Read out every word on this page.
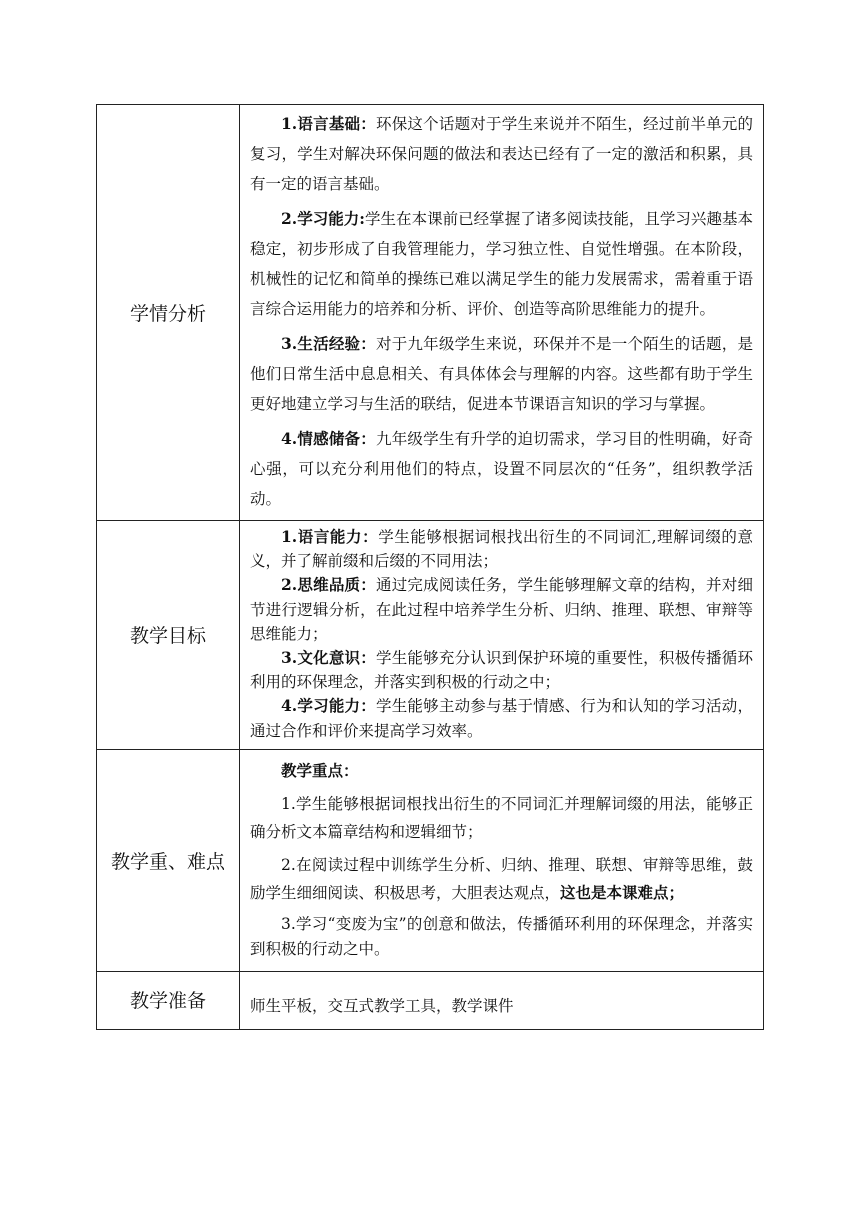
学情分析	1.语言基础：环保这个话题对于学生来说并不陌生，经过前半单元的复习，学生对解决环保问题的做法和表达已经有了一定的激活和积累，具有一定的语言基础。

2.学习能力:学生在本课前已经掌握了诸多阅读技能，且学习兴趣基本稳定，初步形成了自我管理能力，学习独立性、自觉性增强。在本阶段，机械性的记忆和简单的操练已难以满足学生的能力发展需求，需着重于语言综合运用能力的培养和分析、评价、创造等高阶思维能力的提升。

3.生活经验：对于九年级学生来说，环保并不是一个陌生的话题，是他们日常生活中息息相关、有具体体会与理解的内容。这些都有助于学生更好地建立学习与生活的联结，促进本节课语言知识的学习与掌握。

4.情感储备：九年级学生有升学的迫切需求，学习目的性明确，好奇心强，可以充分利用他们的特点，设置不同层次的“任务”，组织教学活动。

教学目标	1.语言能力：学生能够根据词根找出衍生的不同词汇,理解词缀的意义，并了解前缀和后缀的不同用法；

2.思维品质：通过完成阅读任务，学生能够理解文章的结构，并对细节进行逻辑分析，在此过程中培养学生分析、归纳、推理、联想、审辩等思维能力；

3.文化意识：学生能够充分认识到保护环境的重要性，积极传播循环利用的环保理念，并落实到积极的行动之中；

4.学习能力：学生能够主动参与基于情感、行为和认知的学习活动，通过合作和评价来提高学习效率。

教学重、难点	教学重点：

1.学生能够根据词根找出衍生的不同词汇并理解词缀的用法，能够正确分析文本篇章结构和逻辑细节；

2.在阅读过程中训练学生分析、归纳、推理、联想、审辩等思维，鼓励学生细细阅读、积极思考，大胆表达观点，这也是本课难点；

3.学习“变废为宝”的创意和做法，传播循环利用的环保理念，并落实到积极的行动之中。

教学准备	师生平板，交互式教学工具，教学课件
